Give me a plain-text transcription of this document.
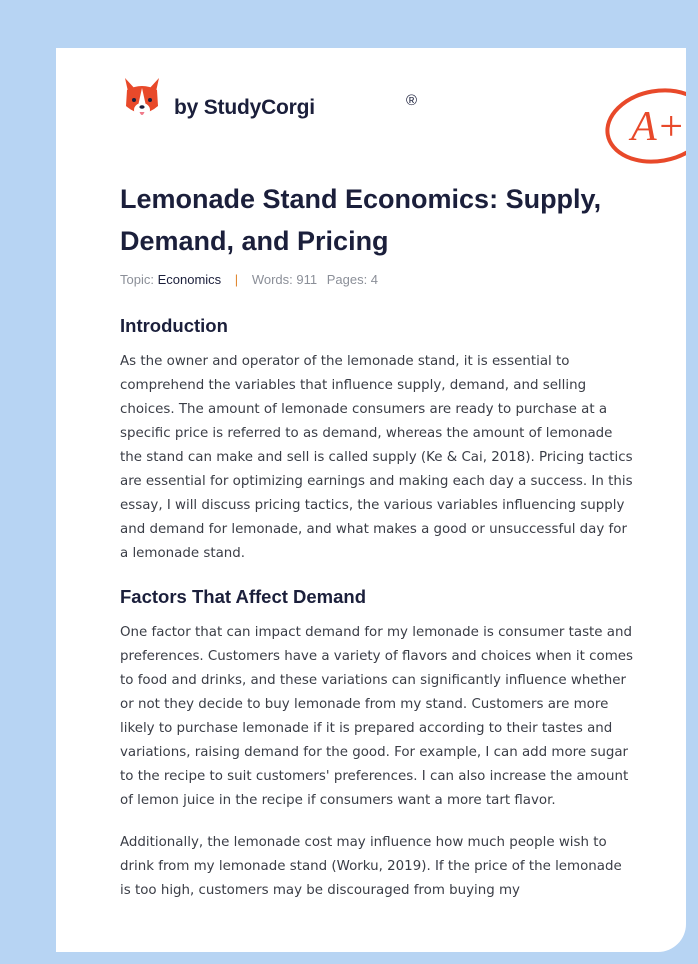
by StudyCorgi	®
A+
Lemonade Stand Economics: Supply, Demand, and Pricing
Topic: Economics | Words: 911 Pages: 4
Introduction

As the owner and operator of the lemonade stand, it is essential to comprehend the variables that influence supply, demand, and selling choices. The amount of lemonade consumers are ready to purchase at a specific price is referred to as demand, whereas the amount of lemonade the stand can make and sell is called supply (Ke & Cai, 2018). Pricing tactics are essential for optimizing earnings and making each day a success. In this essay, I will discuss pricing tactics, the various variables influencing supply and demand for lemonade, and what makes a good or unsuccessful day for a lemonade stand.

Factors That Affect Demand

One factor that can impact demand for my lemonade is consumer taste and preferences. Customers have a variety of flavors and choices when it comes to food and drinks, and these variations can significantly influence whether or not they decide to buy lemonade from my stand. Customers are more likely to purchase lemonade if it is prepared according to their tastes and variations, raising demand for the good. For example, I can add more sugar to the recipe to suit customers' preferences. I can also increase the amount of lemon juice in the recipe if consumers want a more tart flavor.

Additionally, the lemonade cost may influence how much people wish to drink from my lemonade stand (Worku, 2019). If the price of the lemonade is too high, customers may be discouraged from buying my
